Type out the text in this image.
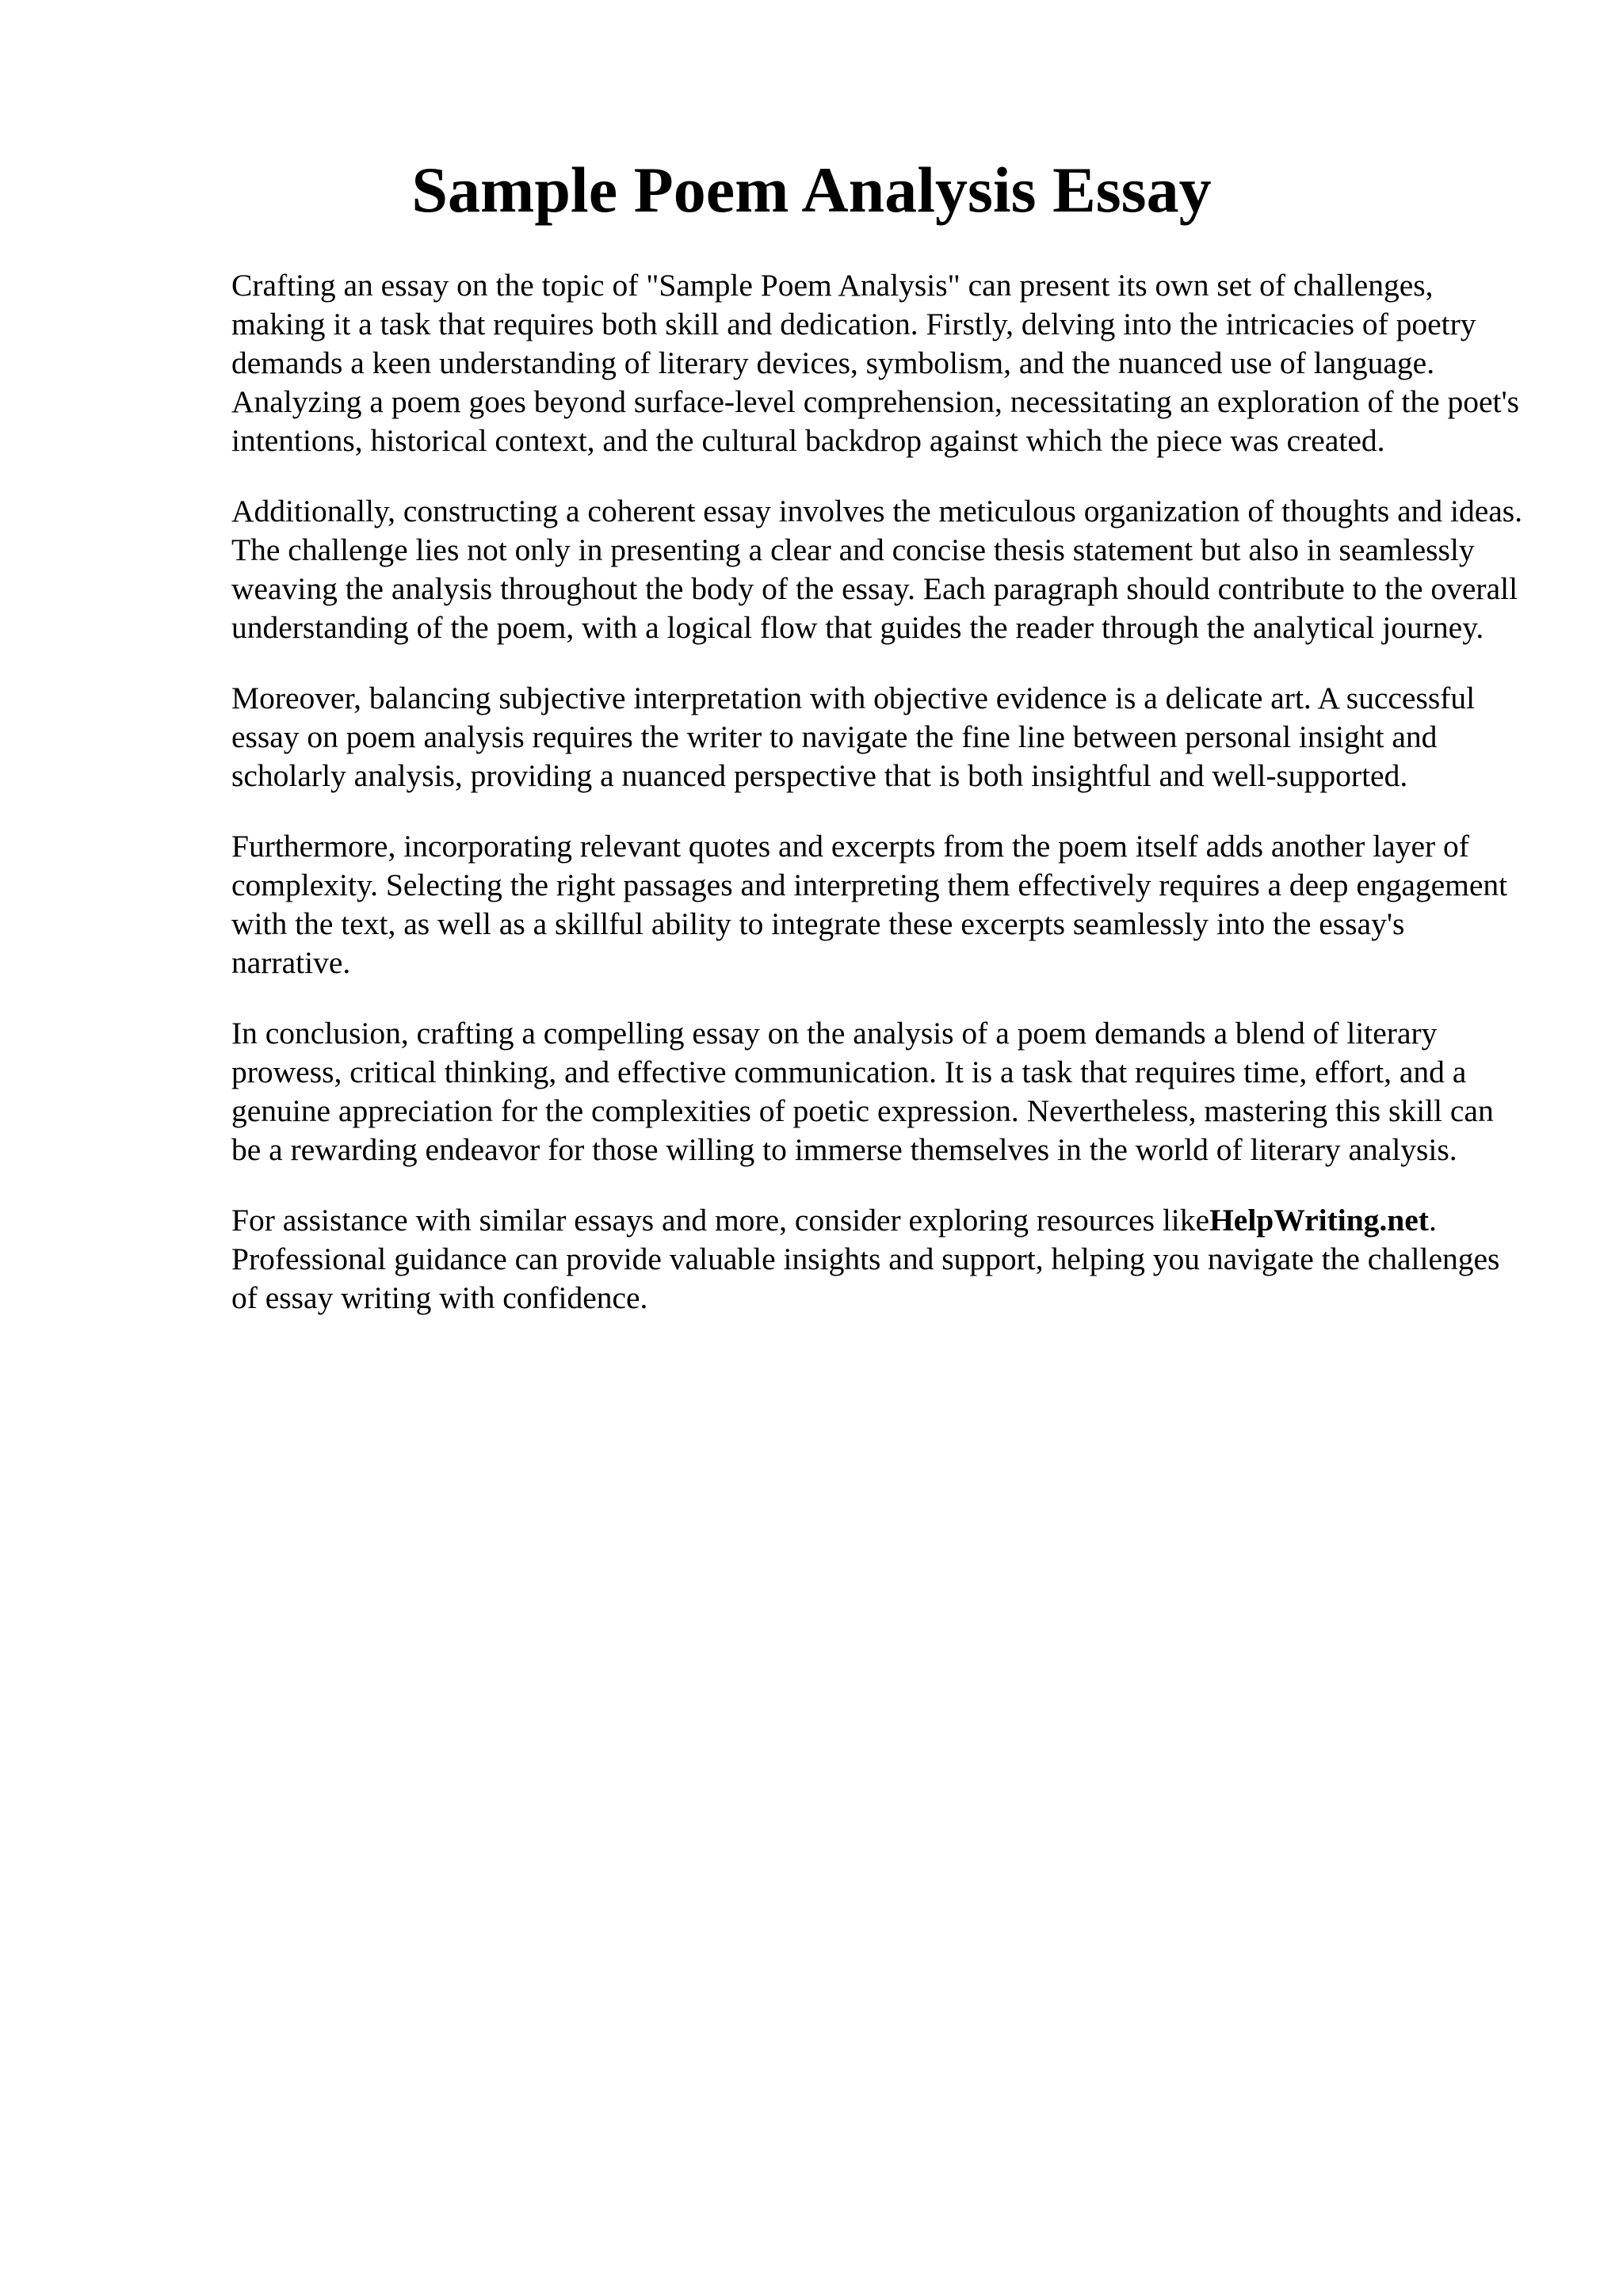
Sample Poem Analysis Essay

Crafting an essay on the topic of "Sample Poem Analysis" can present its own set of challenges, making it a task that requires both skill and dedication. Firstly, delving into the intricacies of poetry demands a keen understanding of literary devices, symbolism, and the nuanced use of language. Analyzing a poem goes beyond surface-level comprehension, necessitating an exploration of the poet's intentions, historical context, and the cultural backdrop against which the piece was created.

Additionally, constructing a coherent essay involves the meticulous organization of thoughts and ideas. The challenge lies not only in presenting a clear and concise thesis statement but also in seamlessly weaving the analysis throughout the body of the essay. Each paragraph should contribute to the overall understanding of the poem, with a logical flow that guides the reader through the analytical journey.

Moreover, balancing subjective interpretation with objective evidence is a delicate art. A successful essay on poem analysis requires the writer to navigate the fine line between personal insight and scholarly analysis, providing a nuanced perspective that is both insightful and well-supported.

Furthermore, incorporating relevant quotes and excerpts from the poem itself adds another layer of complexity. Selecting the right passages and interpreting them effectively requires a deep engagement with the text, as well as a skillful ability to integrate these excerpts seamlessly into the essay's narrative.

In conclusion, crafting a compelling essay on the analysis of a poem demands a blend of literary prowess, critical thinking, and effective communication. It is a task that requires time, effort, and a genuine appreciation for the complexities of poetic expression. Nevertheless, mastering this skill can be a rewarding endeavor for those willing to immerse themselves in the world of literary analysis.

For assistance with similar essays and more, consider exploring resources likeHelpWriting.net. Professional guidance can provide valuable insights and support, helping you navigate the challenges of essay writing with confidence.
